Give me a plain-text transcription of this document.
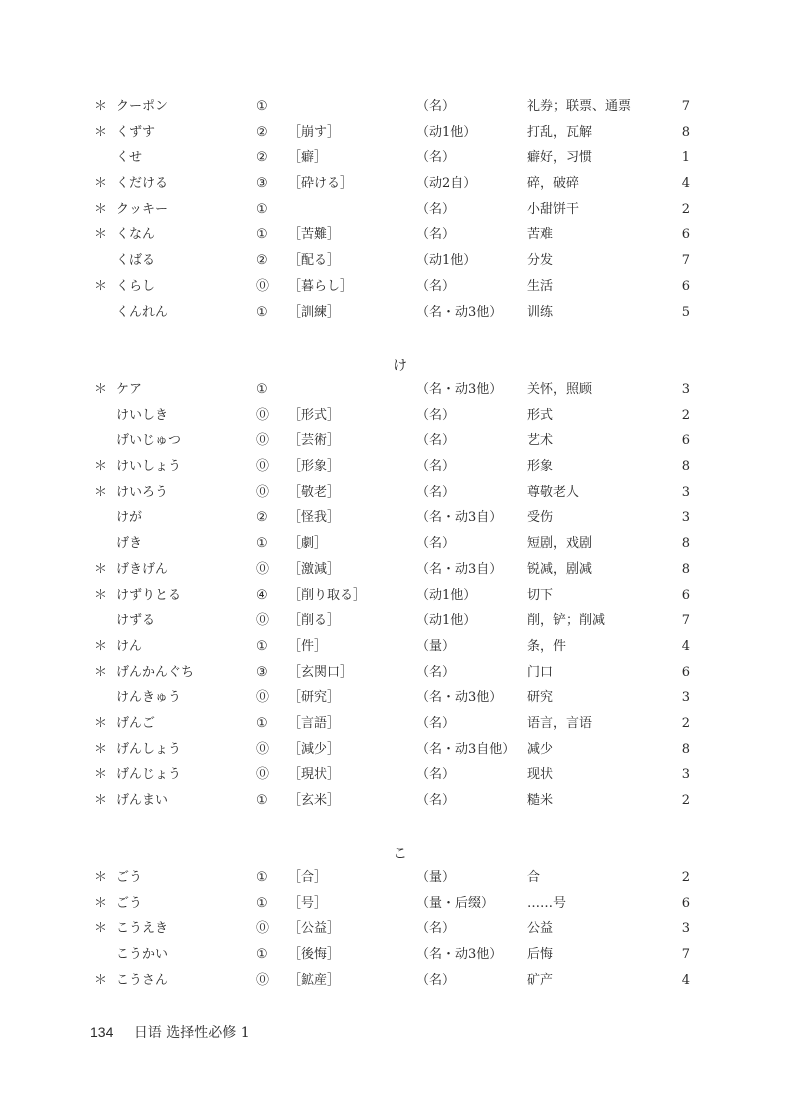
＊ クーポン	①	（名）	礼券；联票、通票	7
＊ くずす	② ［崩す］	（动1他）	打乱，瓦解	8
くせ	② ［癖］	（名）	癖好，习惯	1
＊ くだける	③ ［砕ける］	（动2自）	碎，破碎	4
＊ クッキー	①	（名）	小甜饼干	2
＊ くなん	① ［苦難］	（名）	苦难	6
くばる	② ［配る］	（动1他）	分发	7
＊ くらし	⓪ ［暮らし］	（名）	生活	6
くんれん	① ［訓練］	（名・动3他） 训练	5
け
＊ ケア	①	（名・动3他） 关怀，照顾	3
けいしき	⓪ ［形式］	（名）	形式	2
げいじゅつ	⓪ ［芸術］	（名）	艺术	6
＊ けいしょう	⓪ ［形象］	（名）	形象	8
＊ けいろう	⓪ ［敬老］	（名）	尊敬老人	3
けが	② ［怪我］	（名・动3自） 受伤	3
げき	① ［劇］	（名）	短剧，戏剧	8
＊ げきげん	⓪ ［激減］	（名・动3自） 锐减，剧减	8
＊ けずりとる	④ ［削り取る］	（动1他）	切下	6
けずる	⓪ ［削る］	（动1他）	削，铲；削减	7
＊ けん	① ［件］	（量）	条，件	4
＊ げんかんぐち	③ ［玄関口］	（名）	门口	6
けんきゅう	⓪ ［研究］	（名・动3他） 研究	3
＊ げんご	① ［言語］	（名）	语言，言语	2
＊ げんしょう	⓪ ［減少］	（名・动3自他） 减少	8
＊ げんじょう	⓪ ［現状］	（名）	现状	3
＊ げんまい	① ［玄米］	（名）	糙米	2
こ
＊ ごう	① ［合］	（量）	合	2
＊ ごう	① ［号］	（量・后缀）	……号	6
＊ こうえき	⓪ ［公益］	（名）	公益	3
こうかい	① ［後悔］	（名・动3他） 后悔	7
＊ こうさん	⓪ ［鉱産］	（名）	矿产	4
134 日语 选择性必修 1
